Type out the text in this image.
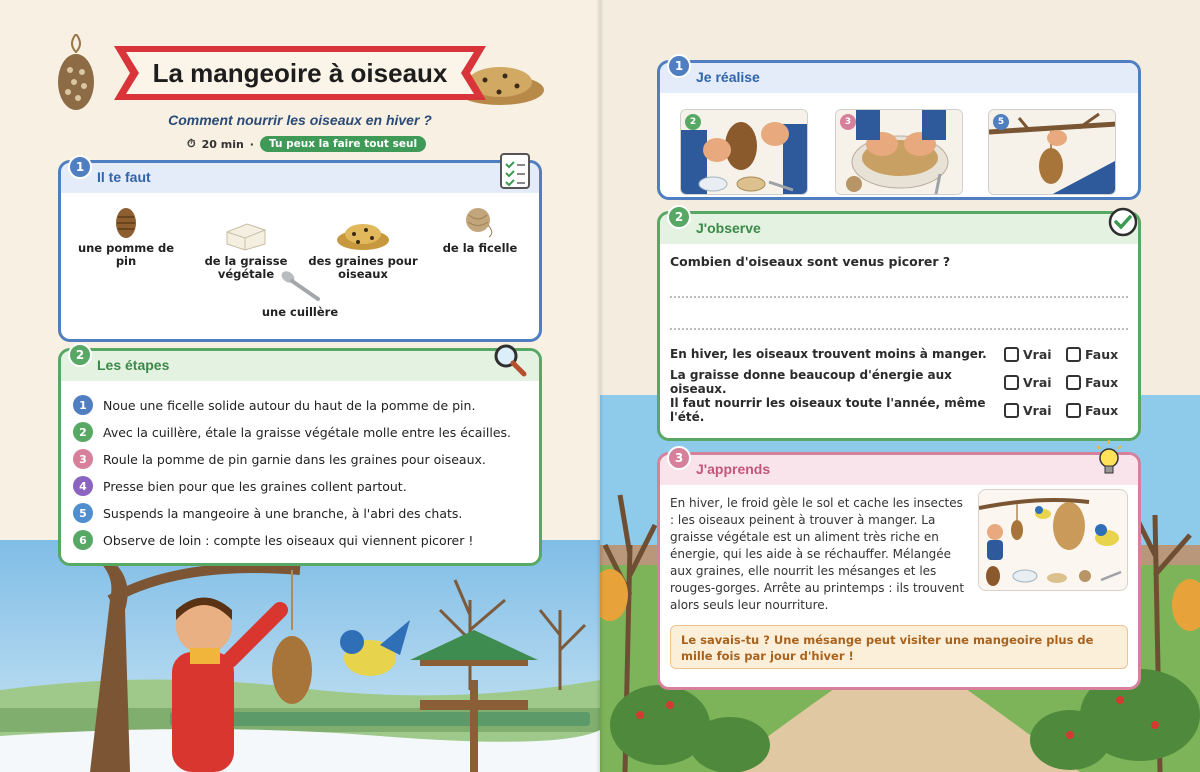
La mangeoire à oiseaux
Comment nourrir les oiseaux en hiver ?
⏱ 20 min ·	Tu peux la faire tout seul
Il te faut
une pomme de pin	de la graisse
végétale

des graines pour
oiseaux

de la ficelle
une cuillère
1
Les étapes
1	Noue une ficelle solide autour du haut de la pomme de pin.
2	Avec la cuillère, étale la graisse végétale molle entre les écailles.
3	Roule la pomme de pin garnie dans les graines pour oiseaux.
4	Presse bien pour que les graines collent partout.
5	Suspends la mangeoire à une branche, à l'abri des chats.
6	Observe de loin : compte les oiseaux qui viennent picorer !
2
Je réalise
2	3	5
1
J'observe
Combien d'oiseaux sont venus picorer ?
En hiver, les oiseaux trouvent moins à manger.	Vrai	Faux
La graisse donne beaucoup d'énergie aux oiseaux.	Vrai	Faux
Il faut nourrir les oiseaux toute l'année, même l'été.	Vrai	Faux
2
J'apprends
En hiver, le froid gèle le sol et cache les insectes : les oiseaux peinent à trouver à manger. La graisse végétale est un aliment très riche en énergie, qui les aide à se réchauffer. Mélangée aux graines, elle nourrit les mésanges et les rouges-gorges. Arrête au printemps : ils trouvent alors seuls leur nourriture.
Le savais-tu ? Une mésange peut visiter une mangeoire plus de mille fois par jour d'hiver !
3
